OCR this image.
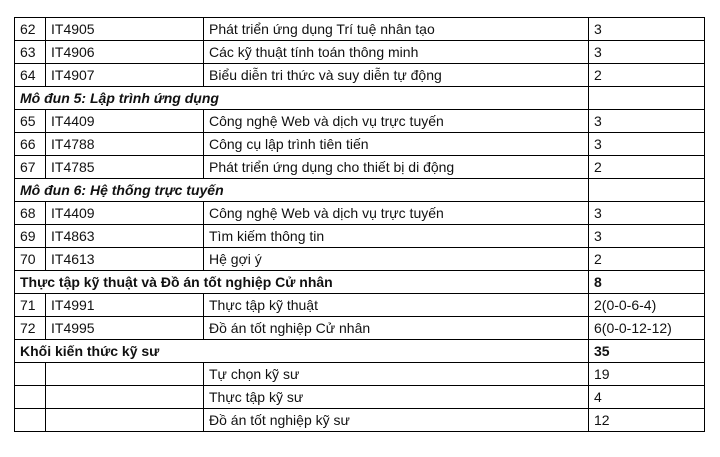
62	IT4905	Phát triển ứng dụng Trí tuệ nhân tạo	3
63	IT4906	Các kỹ thuật tính toán thông minh	3
64	IT4907	Biểu diễn tri thức và suy diễn tự động	2
Mô đun 5: Lập trình ứng dụng			
65	IT4409	Công nghệ Web và dịch vụ trực tuyến	3
66	IT4788	Công cụ lập trình tiên tiến	3
67	IT4785	Phát triển ứng dụng cho thiết bị di động	2
Mô đun 6: Hệ thống trực tuyến			
68	IT4409	Công nghệ Web và dịch vụ trực tuyến	3
69	IT4863	Tìm kiếm thông tin	3
70	IT4613	Hệ gợi ý	2
Thực tập kỹ thuật và Đồ án tốt nghiệp Cử nhân			8
71	IT4991	Thực tập kỹ thuật	2(0-0-6-4)
72	IT4995	Đồ án tốt nghiệp Cử nhân	6(0-0-12-12)
Khối kiến thức kỹ sư			35
		Tự chọn kỹ sư	19
		Thực tập kỹ sư	4
		Đồ án tốt nghiệp kỹ sư	12
